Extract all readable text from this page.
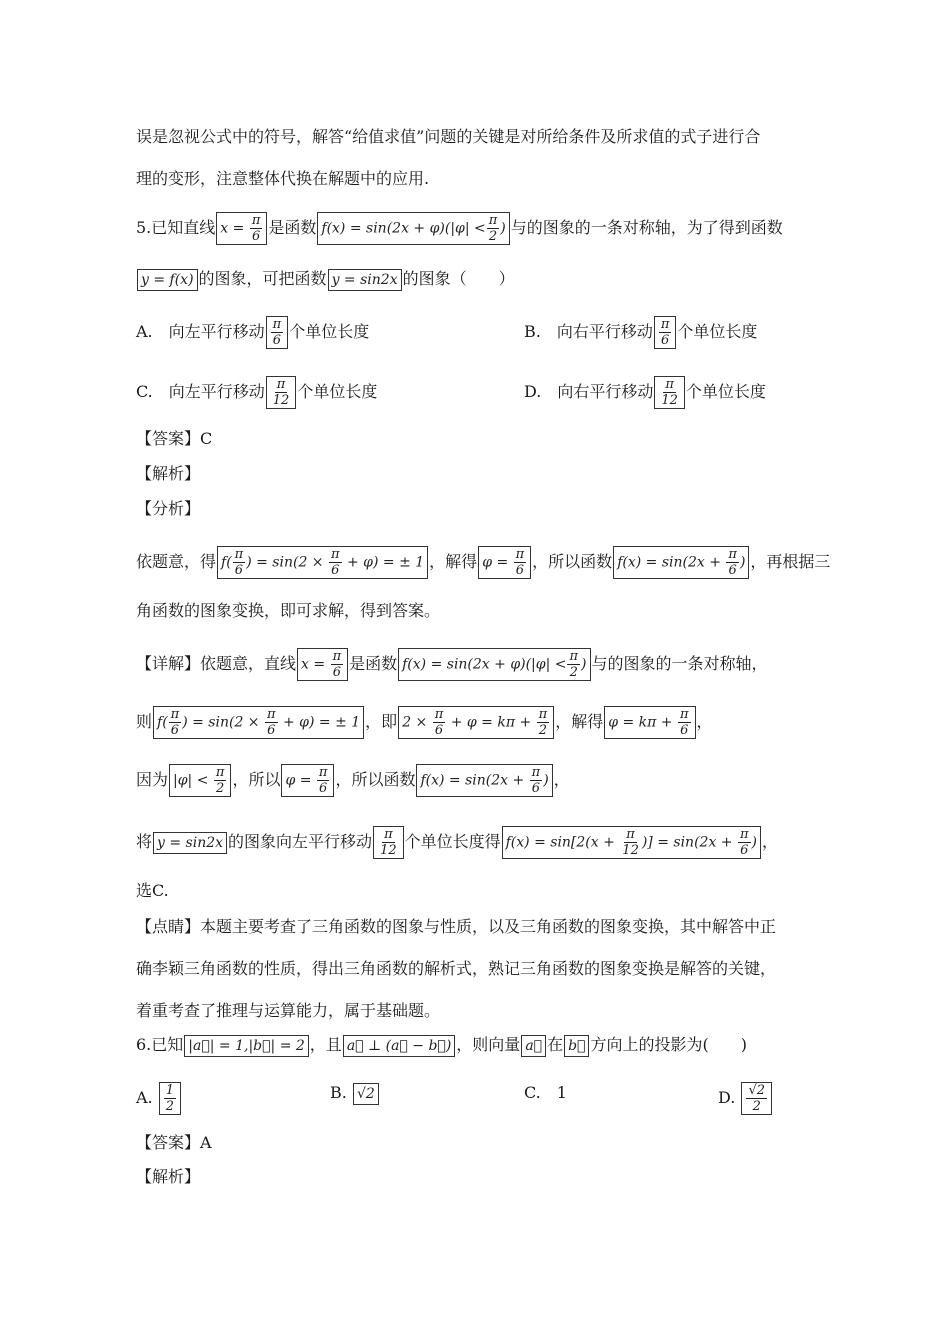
误是忽视公式中的符号，解答“给值求值”问题的关键是对所给条件及所求值的式子进行合
理的变形，注意整体代换在解题中的应用.
5.已知直线 $x = \frac{\pi}{6}$ 是函数 $f(x) = \sin(2x + \varphi)(|\varphi| < \frac{\pi}{2}$ ) 与的图象的一条对称轴，为了得到函数
y = f(x) 的图象，可把函数 y = sin2x 的图象（　　）
A.　向左平行移动 $\frac{\pi}{6}$ 个单位长度	B.　向右平行移动 $\frac{\pi}{6}$ 个单位长度
C.　向左平行移动 $\frac{\pi}{12}$ 个单位长度	D.　向右平行移动 $\frac{\pi}{12}$ 个单位长度
【答案】C
【解析】
【分析】
依题意，得 $f( \frac{\pi}{6}$ ) = $\sin(2 \times \frac{\pi}{6} + \varphi)$ = ± 1 ，解得 $\varphi = \frac{\pi}{6}$ ，所以函数 $f(x) = \sin(2x + \frac{\pi}{6}$ ) ，再根据三
角函数的图象变换，即可求解，得到答案。
【详解】依题意，直线 $x = \frac{\pi}{6}$ 是函数 $f(x) = \sin(2x + \varphi)(|\varphi| < \frac{\pi}{2}$ ) 与的图象的一条对称轴，
则 $f( \frac{\pi}{6}$ ) = $\sin(2 \times \frac{\pi}{6} + \varphi)$ = ± 1 ，即 $2 \times \frac{\pi}{6} + \varphi = k\pi + \frac{\pi}{2}$ ，解得 $\varphi = k\pi + \frac{\pi}{6}$ ，
因为 $|\varphi| < \frac{\pi}{2}$ ，所以 $\varphi = \frac{\pi}{6}$ ，所以函数 $f(x) = \sin(2x + \frac{\pi}{6}$ ) ，
将 y = sin2x 的图象向左平行移动 $\frac{\pi}{12}$ 个单位长度得 $f(x) = \sin[2(x + \frac{\pi}{12}$ )] = $\sin(2x + \frac{\pi}{6}$ ) ，
选C.
【点睛】本题主要考查了三角函数的图象与性质，以及三角函数的图象变换，其中解答中正
确李颖三角函数的性质，得出三角函数的解析式，熟记三角函数的图象变换是解答的关键，
着重考查了推理与运算能力，属于基础题。
6.已知 |a⃗| = 1,|b⃗| = 2 ，且 a⃗ ⊥ (a⃗ − b⃗) ，则向量 a⃗ 在 b⃗ 方向上的投影为(　　)
A. $\frac{1}{2}$	B. √2	C.　1	D. $\frac{√2}{2}$
【答案】A
【解析】
